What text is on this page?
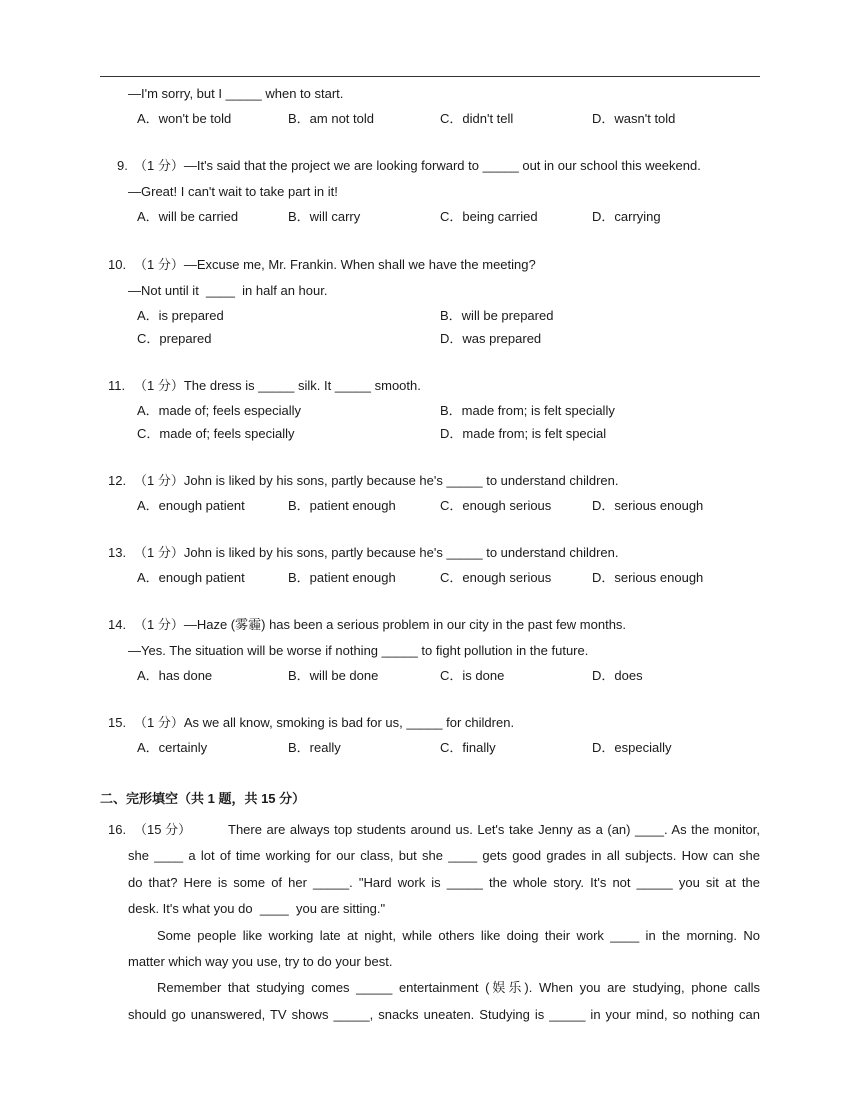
—I'm sorry, but I _____ when to start.
A．won't be told	B．am not told	C．didn't tell	D．wasn't told
9. （1 分）—It's said that the project we are looking forward to _____ out in our school this weekend.
—Great! I can't wait to take part in it!
A．will be carried	B．will carry	C．being carried	D．carrying
10. （1 分）—Excuse me, Mr. Frankin. When shall we have the meeting?
—Not until it  ____  in half an hour.
A．is prepared	B．will be prepared
C．prepared	D．was prepared
11. （1 分）The dress is _____ silk. It _____ smooth.
A．made of; feels especially	B．made from; is felt specially
C．made of; feels specially	D．made from; is felt special
12. （1 分）John is liked by his sons, partly because he's _____ to understand children.
A．enough patient	B．patient enough	C．enough serious	D．serious enough
13. （1 分）John is liked by his sons, partly because he's _____ to understand children.
A．enough patient	B．patient enough	C．enough serious	D．serious enough
14. （1 分）—Haze (雾霾) has been a serious problem in our city in the past few months.
—Yes. The situation will be worse if nothing _____ to fight pollution in the future.
A．has done	B．will be done	C．is done	D．does
15. （1 分）As we all know, smoking is bad for us, _____ for children.
A．certainly	B．really	C．finally	D．especially
二、完形填空（共 1 题，共 15 分）
16. （15 分）	There are always top students around us. Let's take Jenny as a (an) ____. As the monitor,
she ____ a lot of time working for our class, but she ____ gets good grades in all subjects. How can she
do that? Here is some of her _____. "Hard work is _____ the whole story. It's not _____ you sit at the
desk. It's what you do  ____  you are sitting."
Some people like working late at night, while others like doing their work ____ in the morning. No
matter which way you use, try to do your best.
Remember that studying comes _____ entertainment (娱乐). When you are studying, phone calls
should go unanswered, TV shows _____, snacks uneaten. Studying is _____ in your mind, so nothing can
